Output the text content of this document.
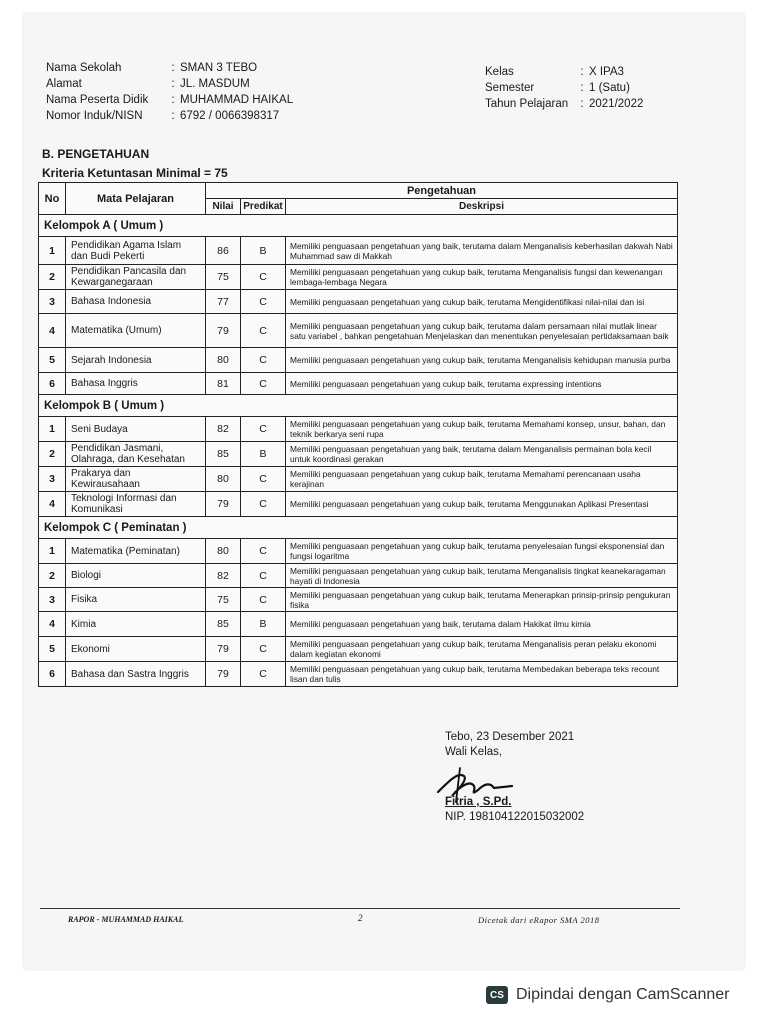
Nama Sekolah	: SMAN 3 TEBO
Alamat	: JL. MASDUM
Nama Peserta Didik	: MUHAMMAD HAIKAL
Nomor Induk/NISN	: 6792 / 0066398317
Kelas	: X IPA3
Semester	: 1 (Satu)
Tahun Pelajaran	: 2021/2022
B. PENGETAHUAN
Kriteria Ketuntasan Minimal = 75
No	Mata Pelajaran	Pengetahuan		
		Nilai	Predikat	Deskripsi
Kelompok A ( Umum )				
1	Pendidikan Agama Islam dan Budi Pekerti	86	B	Memiliki penguasaan pengetahuan yang baik, terutama dalam Menganalisis keberhasilan dakwah Nabi Muhammad saw di Makkah
2	Pendidikan Pancasila dan Kewarganegaraan	75	C	Memiliki penguasaan pengetahuan yang cukup baik, terutama Menganalisis fungsi dan kewenangan lembaga-lembaga Negara
3	Bahasa Indonesia	77	C	Memiliki penguasaan pengetahuan yang cukup baik, terutama Mengidentifikasi nilai-nilai dan isi
4	Matematika (Umum)	79	C	Memiliki penguasaan pengetahuan yang cukup baik, terutama dalam persamaan nilai mutlak linear satu variabel , bahkan pengetahuan Menjelaskan dan menentukan penyelesaian pertidaksamaan baik
5	Sejarah Indonesia	80	C	Memiliki penguasaan pengetahuan yang cukup baik, terutama Menganalisis kehidupan manusia purba
6	Bahasa Inggris	81	C	Memiliki penguasaan pengetahuan yang cukup baik, terutama expressing intentions
Kelompok B ( Umum )				
1	Seni Budaya	82	C	Memiliki penguasaan pengetahuan yang cukup baik, terutama Memahami konsep, unsur, bahan, dan teknik berkarya seni rupa
2	Pendidikan Jasmani, Olahraga, dan Kesehatan	85	B	Memiliki penguasaan pengetahuan yang baik, terutama dalam Menganalisis permainan bola kecil untuk koordinasi gerakan
3	Prakarya dan Kewirausahaan	80	C	Memiliki penguasaan pengetahuan yang cukup baik, terutama Memahami perencanaan usaha kerajinan
4	Teknologi Informasi dan Komunikasi	79	C	Memiliki penguasaan pengetahuan yang cukup baik, terutama Menggunakan Aplikasi Presentasi
Kelompok C ( Peminatan )				
1	Matematika (Peminatan)	80	C	Memiliki penguasaan pengetahuan yang cukup baik, terutama penyelesaian fungsi eksponensial dan fungsi logaritma
2	Biologi	82	C	Memiliki penguasaan pengetahuan yang cukup baik, terutama Menganalisis tingkat keanekaragaman hayati di Indonesia
3	Fisika	75	C	Memiliki penguasaan pengetahuan yang cukup baik, terutama Menerapkan prinsip-prinsip pengukuran fisika
4	Kimia	85	B	Memiliki penguasaan pengetahuan yang baik, terutama dalam Hakikat ilmu kimia
5	Ekonomi	79	C	Memiliki penguasaan pengetahuan yang cukup baik, terutama Menganalisis peran pelaku ekonomi dalam kegiatan ekonomi
6	Bahasa dan Sastra Inggris	79	C	Memiliki penguasaan pengetahuan yang cukup baik, terutama Membedakan beberapa teks recount lisan dan tulis
Tebo, 23 Desember 2021
Wali Kelas,
Fitria , S.Pd.
NIP. 198104122015032002
RAPOR - MUHAMMAD HAIKAL	2	Dicetak dari eRapor SMA 2018
CS Dipindai dengan CamScanner
